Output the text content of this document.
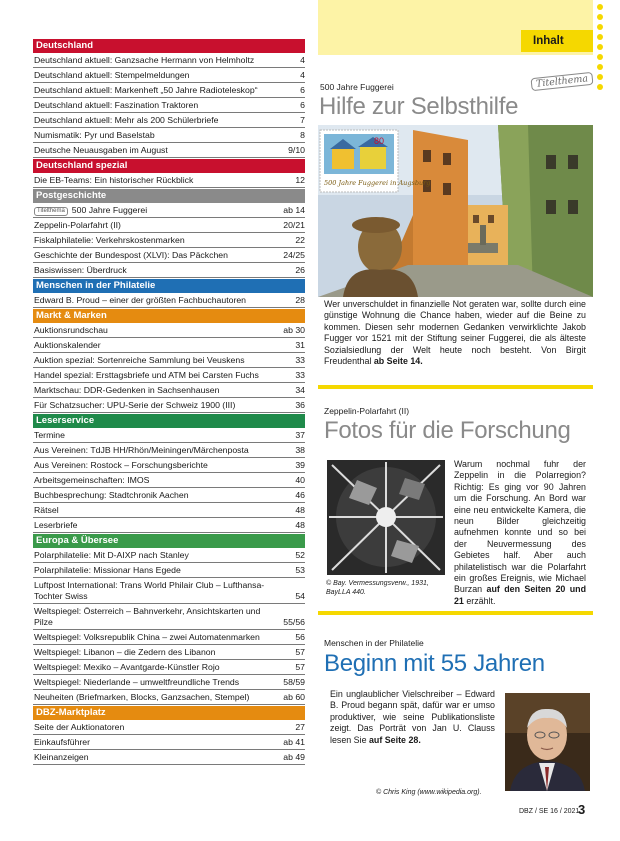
Deutschland
Deutschland aktuell: Ganzsache Hermann von Helmholtz	4
Deutschland aktuell: Stempelmeldungen	4
Deutschland aktuell: Markenheft „50 Jahre Radioteleskop“	6
Deutschland aktuell: Faszination Traktoren	6
Deutschland aktuell: Mehr als 200 Schülerbriefe	7
Numismatik: Pyr und Baselstab	8
Deutsche Neuausgaben im August	9/10
Deutschland spezial
Die EB-Teams: Ein historischer Rückblick	12
Postgeschichte
Titelthema 500 Jahre Fuggerei	ab 14
Zeppelin-Polarfahrt (II)	20/21
Fiskalphilatelie: Verkehrskostenmarken	22
Geschichte der Bundespost (XLVI): Das Päckchen	24/25
Basiswissen: Überdruck	26
Menschen in der Philatelie
Edward B. Proud – einer der größten Fachbuchautoren	28
Markt & Marken
Auktionsrundschau	ab 30
Auktionskalender	31
Auktion spezial: Sortenreiche Sammlung bei Veuskens	33
Handel spezial: Ersttagsbriefe und ATM bei Carsten Fuchs	33
Marktschau: DDR-Gedenken in Sachsenhausen	34
Für Schatzsucher: UPU-Serie der Schweiz 1900 (III)	36
Leserservice
Termine	37
Aus Vereinen: TdJB HH/Rhön/Meiningen/Märchenposta	38
Aus Vereinen: Rostock – Forschungsberichte	39
Arbeitsgemeinschaften: IMOS	40
Buchbesprechung: Stadtchronik Aachen	46
Rätsel	48
Leserbriefe	48
Europa & Übersee
Polarphilatelie: Mit D-AIXP nach Stanley	52
Polarphilatelie: Missionar Hans Egede	53
Luftpost International: Trans World Philair Club – Lufthansa-Tochter Swiss	54
Weltspiegel: Österreich – Bahnverkehr, Ansichtskarten und Pilze	55/56
Weltspiegel: Volksrepublik China – zwei Automatenmarken	56
Weltspiegel: Libanon – die Zedern des Libanon	57
Weltspiegel: Mexiko – Avantgarde-Künstler Rojo	57
Weltspiegel: Niederlande – umweltfreundliche Trends	58/59
Neuheiten (Briefmarken, Blocks, Ganzsachen, Stempel)	ab 60
DBZ-Marktplatz
Seite der Auktionatoren	27
Einkaufsführer	ab 41
Kleinanzeigen	ab 49
Inhalt
500 Jahre Fuggerei	Titelthema
Hilfe zur Selbsthilfe
80
500 Jahre Fuggerei in Augsburg
Wer unverschuldet in finanzielle Not geraten war, sollte durch eine günstige Wohnung die Chance haben, wieder auf die Beine zu kommen. Diesen sehr modernen Gedanken verwirklichte Jakob Fugger vor 1521 mit der Stiftung seiner Fuggerei, die als älteste Sozialsiedlung der Welt heute noch besteht. Von Birgit Freudenthal ab Seite 14.
Zeppelin-Polarfahrt (II)
Fotos für die Forschung
© Bay. Vermessungsverw., 1931, BayLLA 440.
Warum nochmal fuhr der Zeppelin in die Polarregion? Richtig: Es ging vor 90 Jahren um die Forschung. An Bord war eine neu entwickelte Kamera, die neun Bilder gleichzeitig aufnehmen konnte und so bei der Neuvermessung des Gebietes half. Aber auch philatelistisch war die Polarfahrt ein großes Ereignis, wie Michael Burzan auf den Seiten 20 und 21 erzählt.
Menschen in der Philatelie
Beginn mit 55 Jahren
Ein unglaublicher Vielschreiber – Edward B. Proud begann spät, dafür war er umso produktiver, wie seine Publikationsliste zeigt. Das Porträt von Jan U. Clauss lesen Sie auf Seite 28.
© Chris King (www.wikipedia.org).
DBZ / SE 16 / 2021
3
